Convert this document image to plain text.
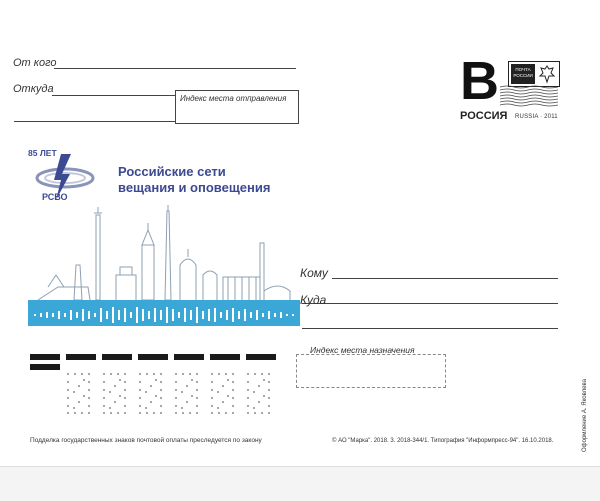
От кого
Откуда
Индекс места отправления
85 ЛЕТ
РСВО
Российские сети
вещания и оповещения
В	ПОЧТА
РОССИИ
РОССИЯ RUSSIA · 2011
Кому
Куда
Индекс места назначения
Подделка государственных знаков почтовой оплаты преследуется по закону	© АО "Марка". 2018. 3. 2018-344/1. Типография "Информпресс-94". 16.10.2018.	Оформление А. Яковлева
